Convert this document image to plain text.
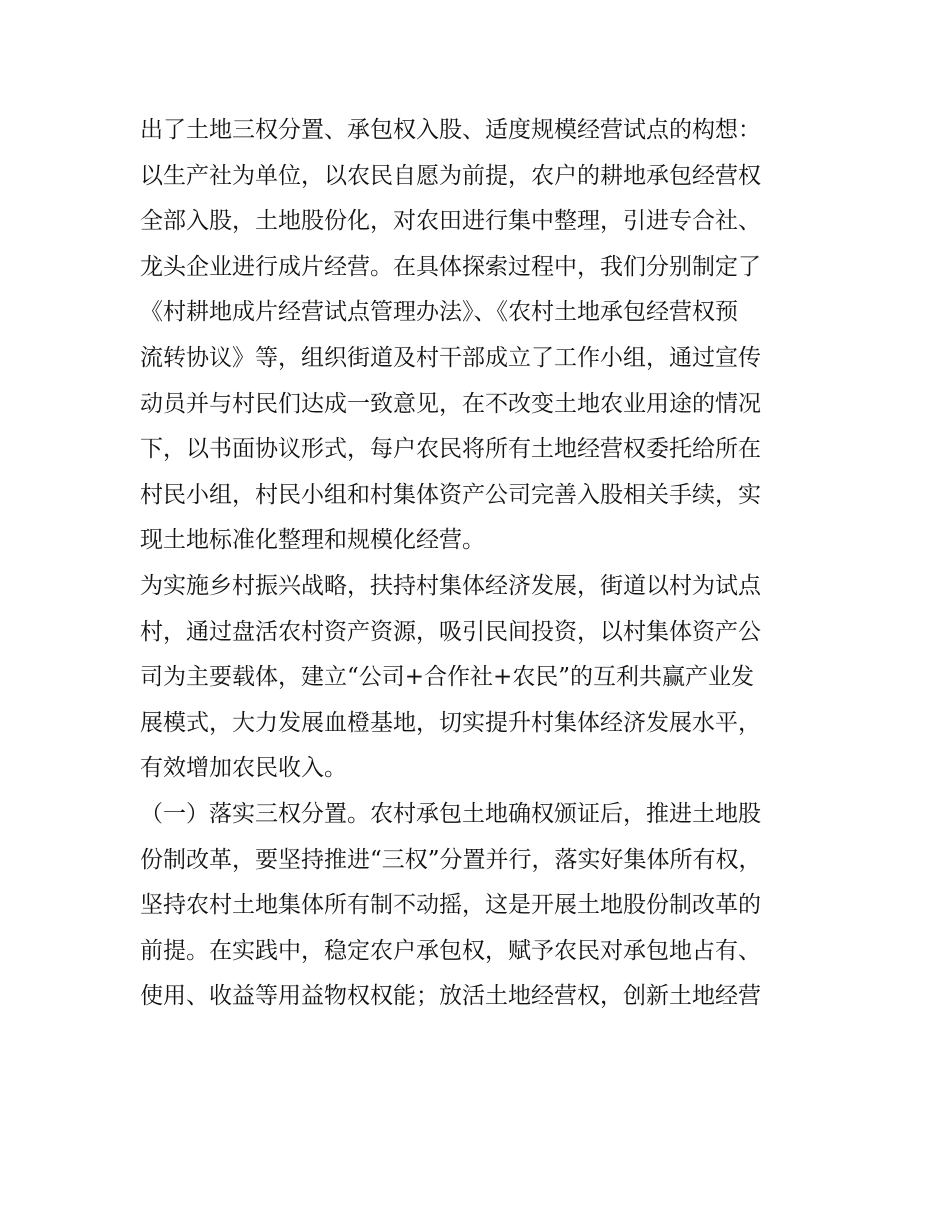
出了土地三权分置、承包权入股、适度规模经营试点的构想：
以生产社为单位，以农民自愿为前提，农户的耕地承包经营权
全部入股，土地股份化，对农田进行集中整理，引进专合社、
龙头企业进行成片经营。在具体探索过程中，我们分别制定了
《村耕地成片经营试点管理办法》、《农村土地承包经营权预
流转协议》等，组织街道及村干部成立了工作小组，通过宣传
动员并与村民们达成一致意见，在不改变土地农业用途的情况
下，以书面协议形式，每户农民将所有土地经营权委托给所在
村民小组，村民小组和村集体资产公司完善入股相关手续，实
现土地标准化整理和规模化经营。
为实施乡村振兴战略，扶持村集体经济发展，街道以村为试点
村，通过盘活农村资产资源，吸引民间投资，以村集体资产公
司为主要载体，建立“公司+合作社+农民”的互利共赢产业发
展模式，大力发展血橙基地，切实提升村集体经济发展水平，
有效增加农民收入。
（一）落实三权分置。农村承包土地确权颁证后，推进土地股
份制改革，要坚持推进“三权”分置并行，落实好集体所有权，
坚持农村土地集体所有制不动摇，这是开展土地股份制改革的
前提。在实践中，稳定农户承包权，赋予农民对承包地占有、
使用、收益等用益物权权能；放活土地经营权，创新土地经营
